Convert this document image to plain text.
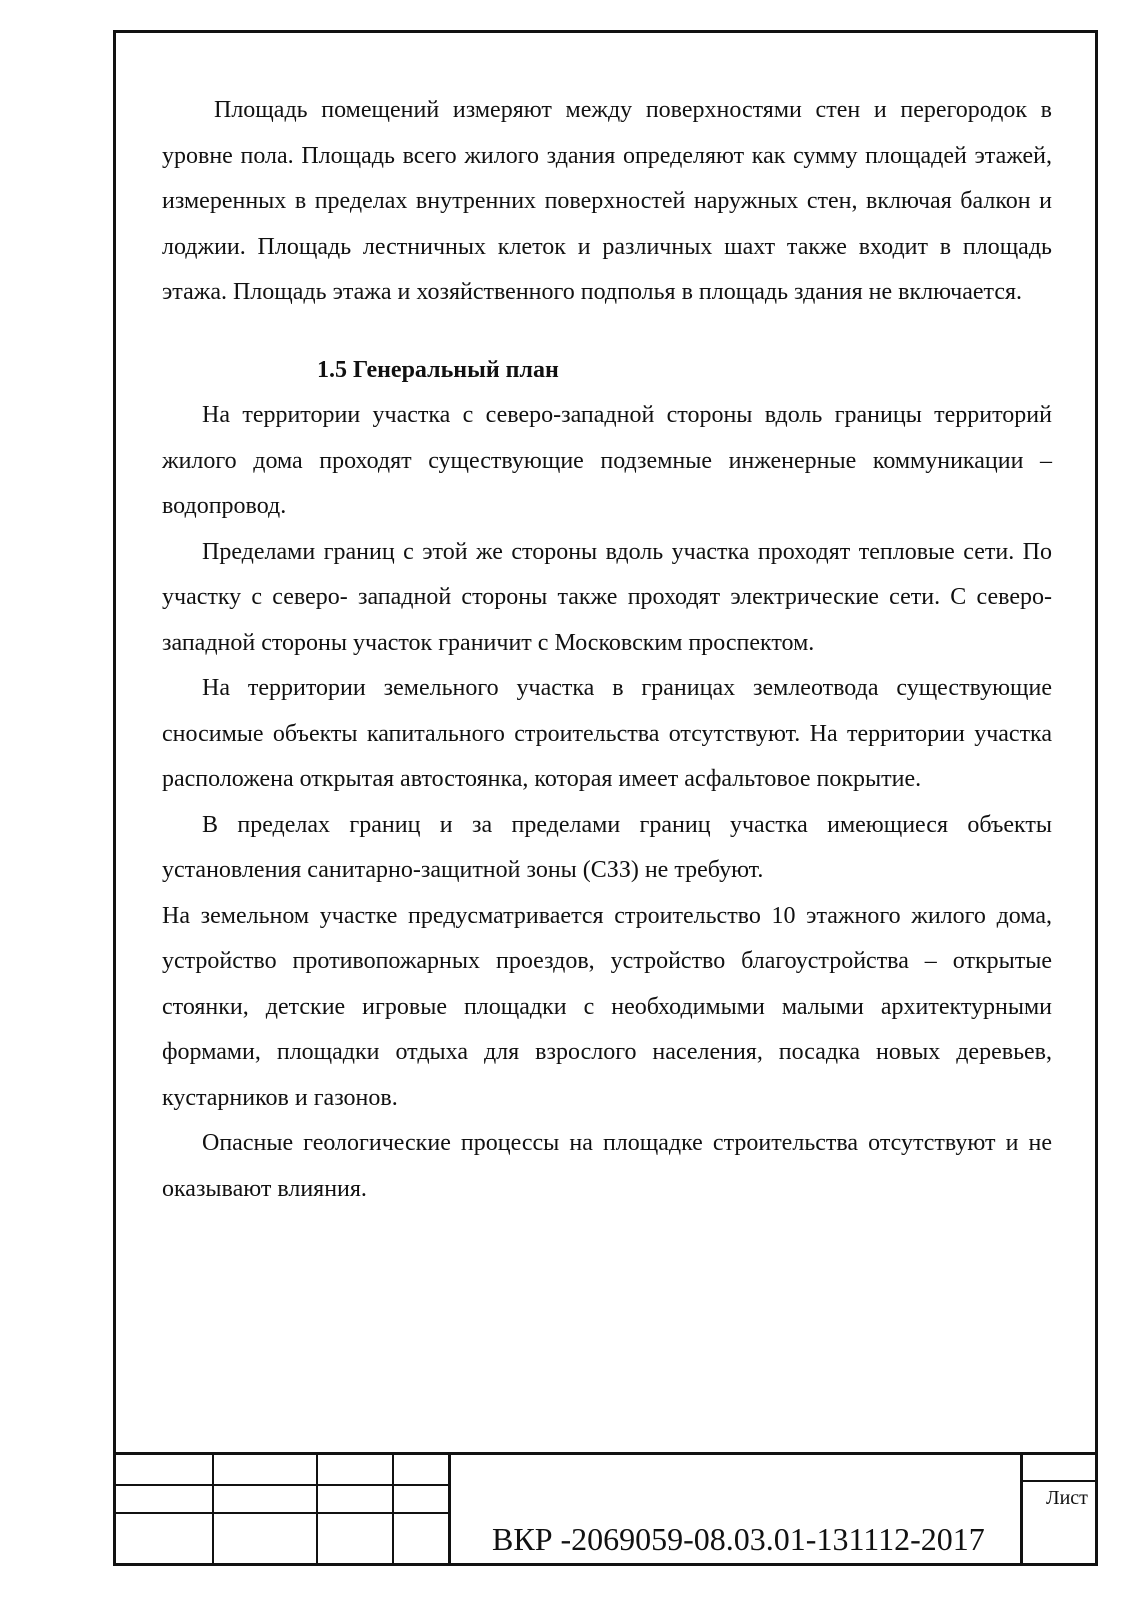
Площадь помещений измеряют между поверхностями стен и перегородок в уровне пола. Площадь всего жилого здания определяют как сумму площадей этажей, измеренных в пределах внутренних поверхностей наружных стен, включая балкон и лоджии. Площадь лестничных клеток и различных шахт также входит в площадь этажа. Площадь этажа и хозяйственного подполья в площадь здания не включается.

1.5 Генеральный план

На территории участка с северо-западной стороны вдоль границы территорий жилого дома проходят существующие подземные инженерные коммуникации – водопровод.

Пределами границ с этой же стороны вдоль участка проходят тепловые сети. По участку с северо- западной стороны также проходят электрические сети. С северо-западной стороны участок граничит с Московским проспектом.

На территории земельного участка в границах землеотвода существующие сносимые объекты капитального строительства отсутствуют. На территории участка расположена открытая автостоянка, которая имеет асфальтовое покрытие.

В пределах границ и за пределами границ участка имеющиеся объекты установления санитарно-защитной зоны (СЗЗ) не требуют.

На земельном участке предусматривается строительство 10 этажного жилого дома, устройство противопожарных проездов, устройство благоустройства – открытые стоянки, детские игровые площадки с необходимыми малыми архитектурными формами, площадки отдыха для взрослого населения, посадка новых деревьев, кустарников и газонов.

Опасные геологические процессы на площадке строительства отсутствуют и не оказывают влияния.

ВКР -2069059-08.03.01-131112-2017
Лист
